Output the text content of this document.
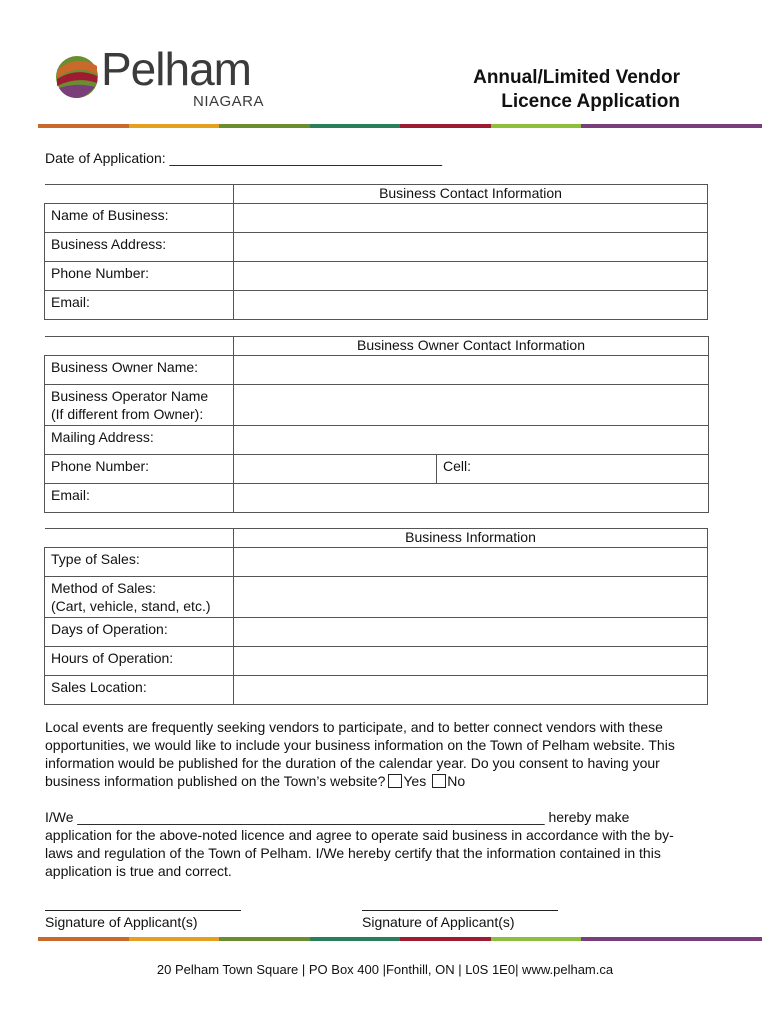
Pelham
NIAGARA
Annual/Limited Vendor
Licence Application
Date of Application: ___________________________________
	Business Contact Information
Name of Business:	
Business Address:	
Phone Number:	
Email:	
	Business Owner Contact Information	
Business Owner Name:		

Business Operator Name
(If different from Owner):		

Mailing Address:		
Phone Number:		Cell:
Email:		
	Business Information
Type of Sales:	

Method of Sales:
(Cart, vehicle, stand, etc.)	

Days of Operation:	
Hours of Operation:	
Sales Location:	
Local events are frequently seeking vendors to participate, and to better connect vendors with these opportunities, we would like to include your business information on the Town of Pelham website. This information would be published for the duration of the calendar year. Do you consent to having your business information published on the Town’s website? Yes No
I/We ____________________________________________________________ hereby make application for the above-noted licence and agree to operate said business in accordance with the by-laws and regulation of the Town of Pelham. I/We hereby certify that the information contained in this application is true and correct.
Signature of Applicant(s)	Signature of Applicant(s)
20 Pelham Town Square | PO Box 400 |Fonthill, ON | L0S 1E0| www.pelham.ca
